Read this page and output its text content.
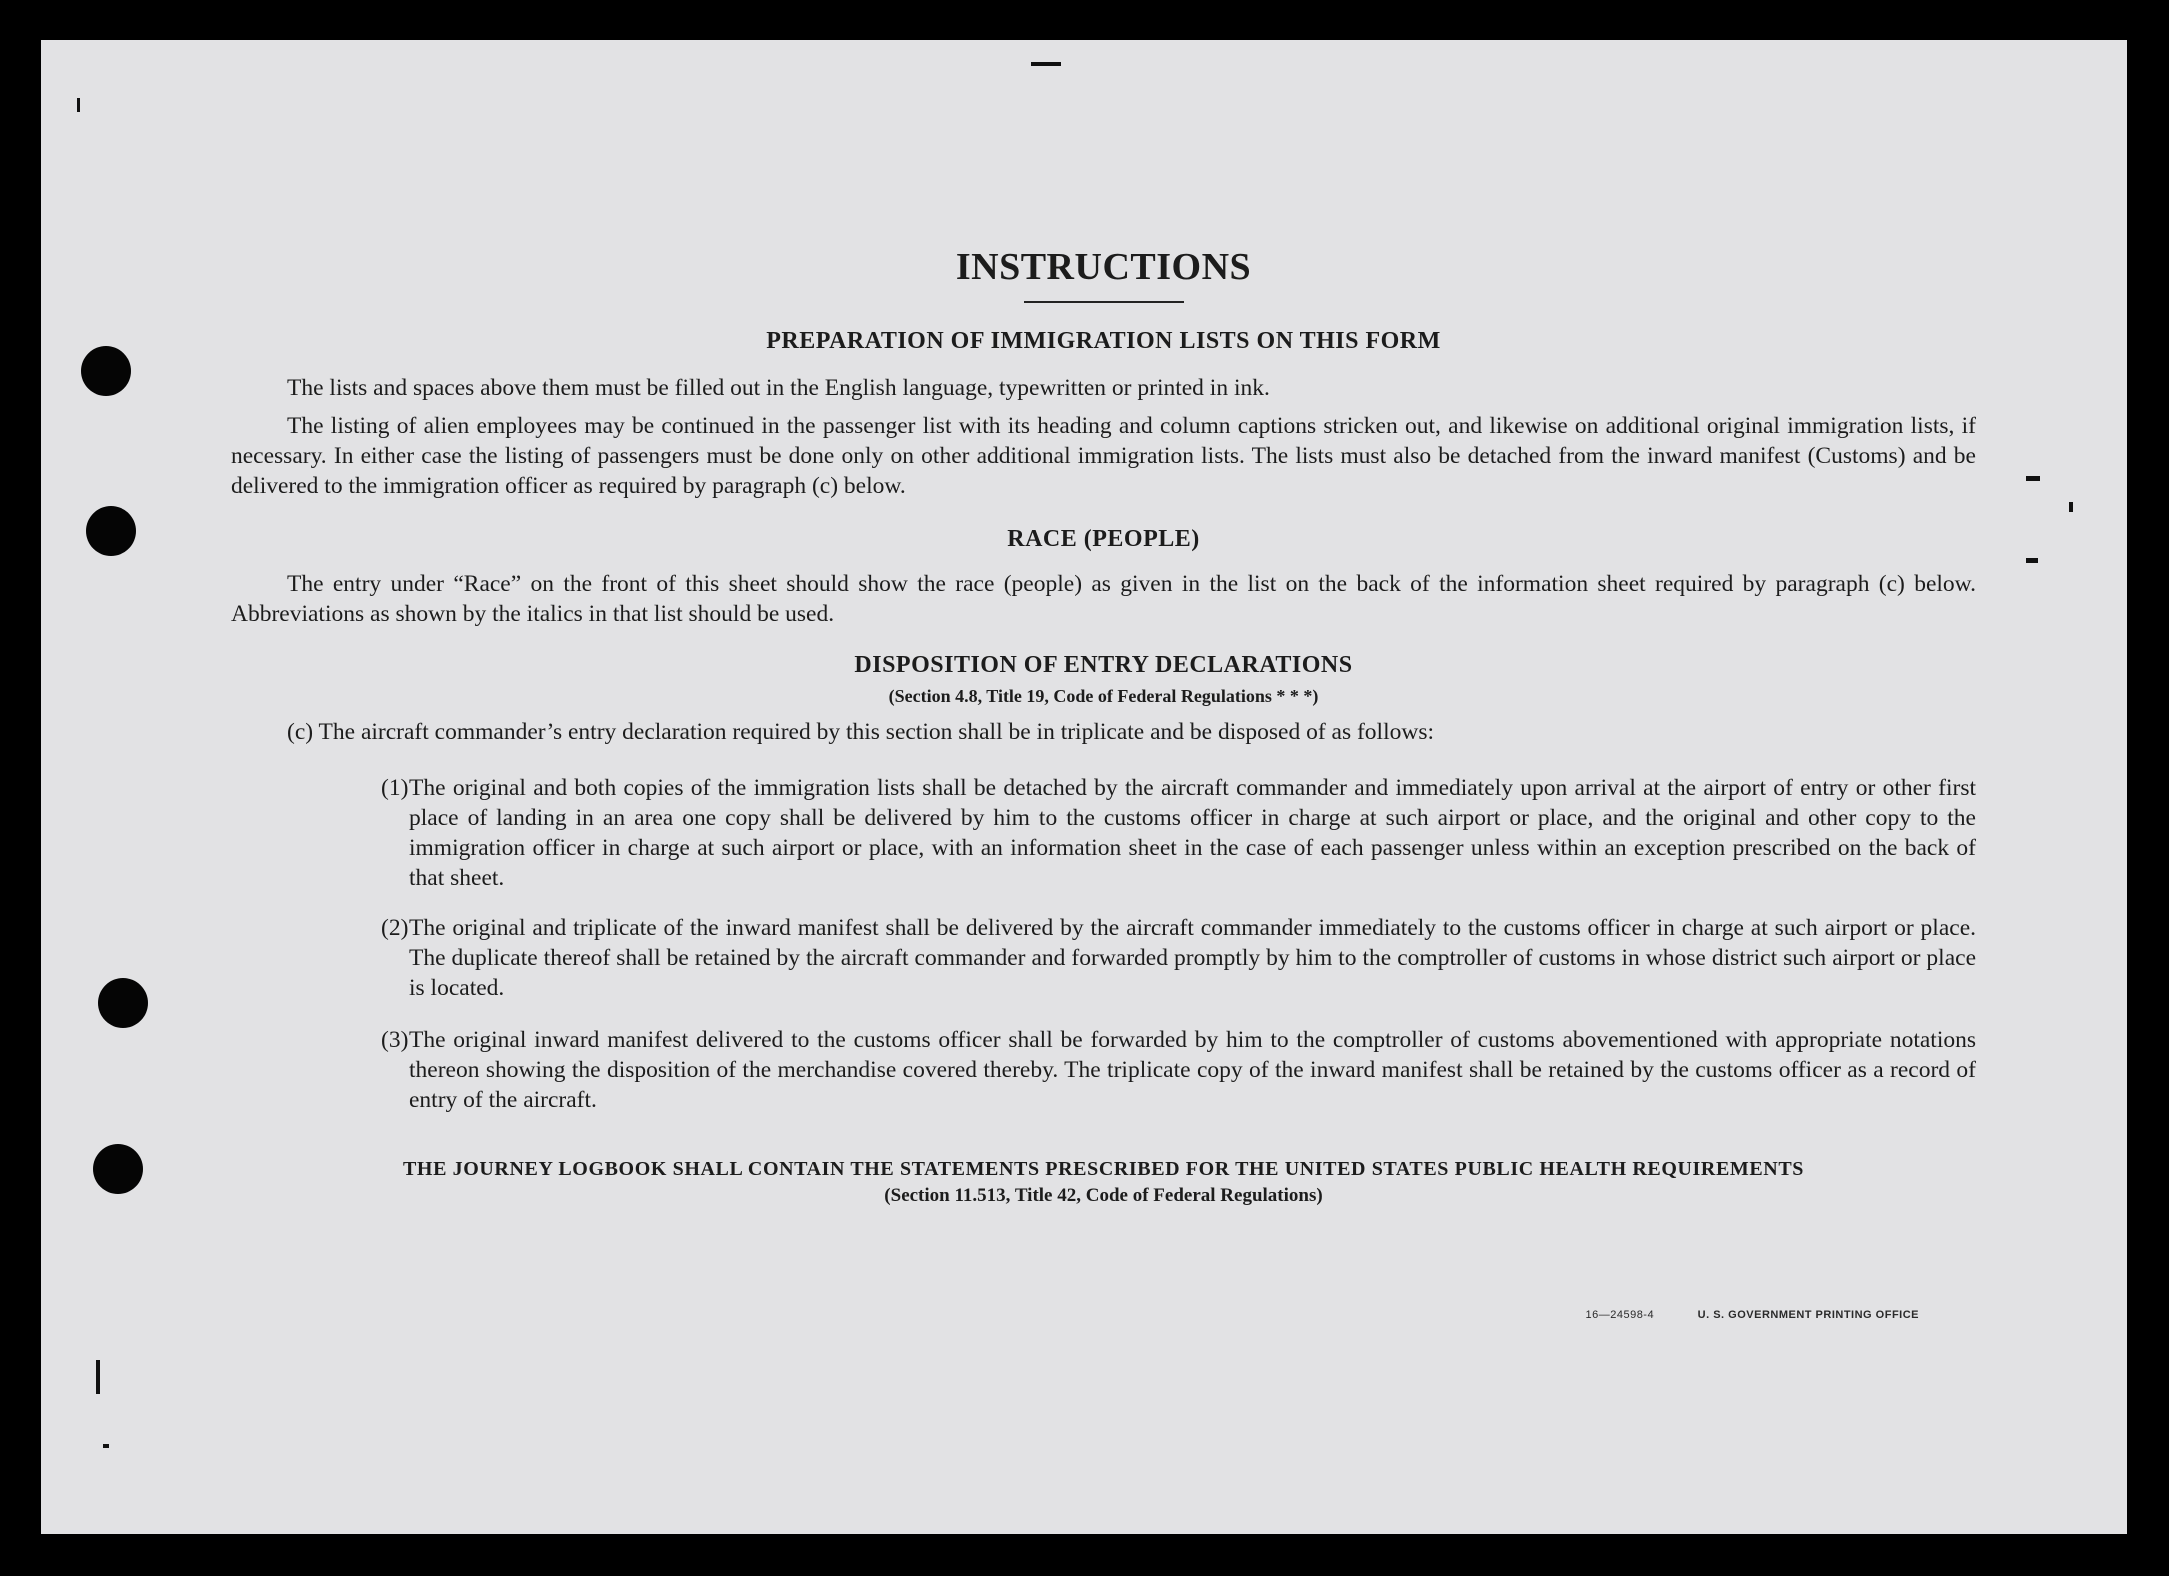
INSTRUCTIONS
PREPARATION OF IMMIGRATION LISTS ON THIS FORM

The lists and spaces above them must be filled out in the English language, typewritten or printed in ink.

The listing of alien employees may be continued in the passenger list with its heading and column captions stricken out, and likewise on additional original immigration lists, if necessary. In either case the listing of passengers must be done only on other additional immigration lists. The lists must also be detached from the inward manifest (Customs) and be delivered to the immigration officer as required by paragraph (c) below.

RACE (PEOPLE)

The entry under “Race” on the front of this sheet should show the race (people) as given in the list on the back of the information sheet required by paragraph (c) below. Abbreviations as shown by the italics in that list should be used.

DISPOSITION OF ENTRY DECLARATIONS

(Section 4.8, Title 19, Code of Federal Regulations * * *)

(c) The aircraft commander’s entry declaration required by this section shall be in triplicate and be disposed of as follows:

(1) The original and both copies of the immigration lists shall be detached by the aircraft commander and immediately upon arrival at the airport of entry or other first place of landing in an area one copy shall be delivered by him to the customs officer in charge at such airport or place, and the original and other copy to the immigration officer in charge at such airport or place, with an information sheet in the case of each passenger unless within an exception prescribed on the back of that sheet.
(2) The original and triplicate of the inward manifest shall be delivered by the aircraft commander immediately to the customs officer in charge at such airport or place. The duplicate thereof shall be retained by the aircraft commander and forwarded promptly by him to the comptroller of customs in whose district such airport or place is located.
(3) The original inward manifest delivered to the customs officer shall be forwarded by him to the comptroller of customs abovementioned with appropriate notations thereon showing the disposition of the merchandise covered thereby. The triplicate copy of the inward manifest shall be retained by the customs officer as a record of entry of the aircraft.
THE JOURNEY LOGBOOK SHALL CONTAIN THE STATEMENTS PRESCRIBED FOR THE UNITED STATES PUBLIC HEALTH REQUIREMENTS

(Section 11.513, Title 42, Code of Federal Regulations)

16—24598-4	U. S. GOVERNMENT PRINTING OFFICE
